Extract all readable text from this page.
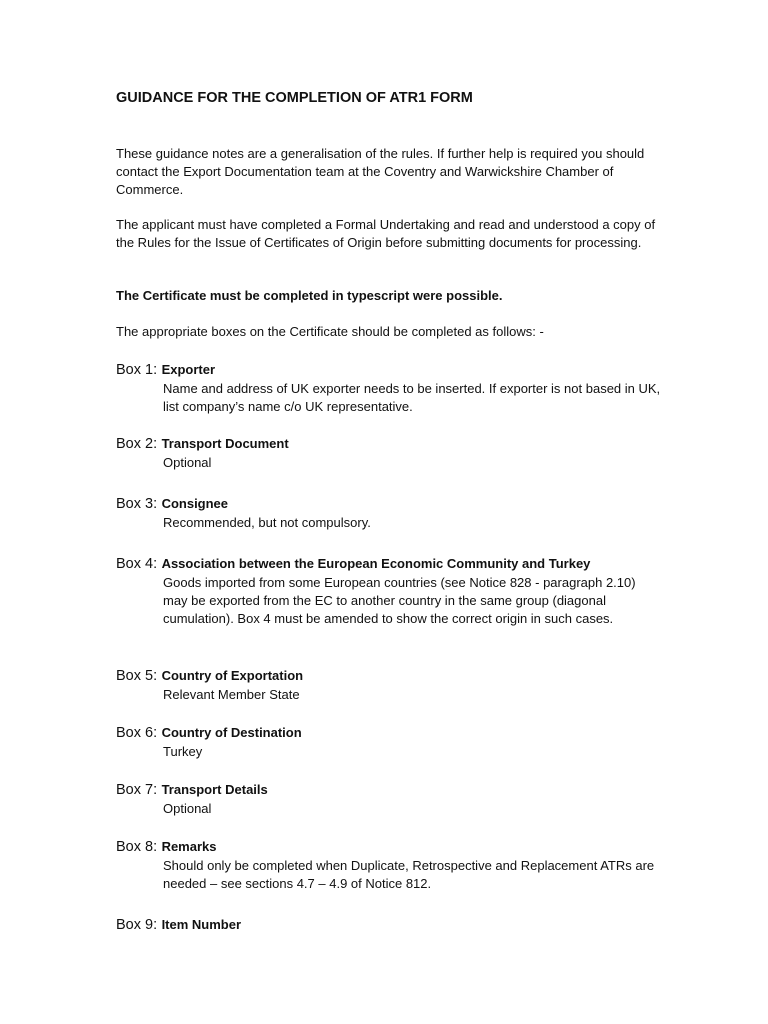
GUIDANCE FOR THE COMPLETION OF ATR1 FORM
These guidance notes are a generalisation of the rules. If further help is required you should contact the Export Documentation team at the Coventry and Warwickshire Chamber of Commerce.
The applicant must have completed a Formal Undertaking and read and understood a copy of the Rules for the Issue of Certificates of Origin before submitting documents for processing.
The Certificate must be completed in typescript were possible.
The appropriate boxes on the Certificate should be completed as follows: -
Box 1: Exporter
Name and address of UK exporter needs to be inserted. If exporter is not based in UK, list company’s name c/o UK representative.
Box 2: Transport Document
Optional
Box 3: Consignee
Recommended, but not compulsory.
Box 4: Association between the European Economic Community and Turkey
Goods imported from some European countries (see Notice 828 - paragraph 2.10) may be exported from the EC to another country in the same group (diagonal cumulation). Box 4 must be amended to show the correct origin in such cases.
Box 5: Country of Exportation
Relevant Member State
Box 6: Country of Destination
Turkey
Box 7: Transport Details
Optional
Box 8: Remarks
Should only be completed when Duplicate, Retrospective and Replacement ATRs are needed – see sections 4.7 – 4.9 of Notice 812.
Box 9: Item Number
